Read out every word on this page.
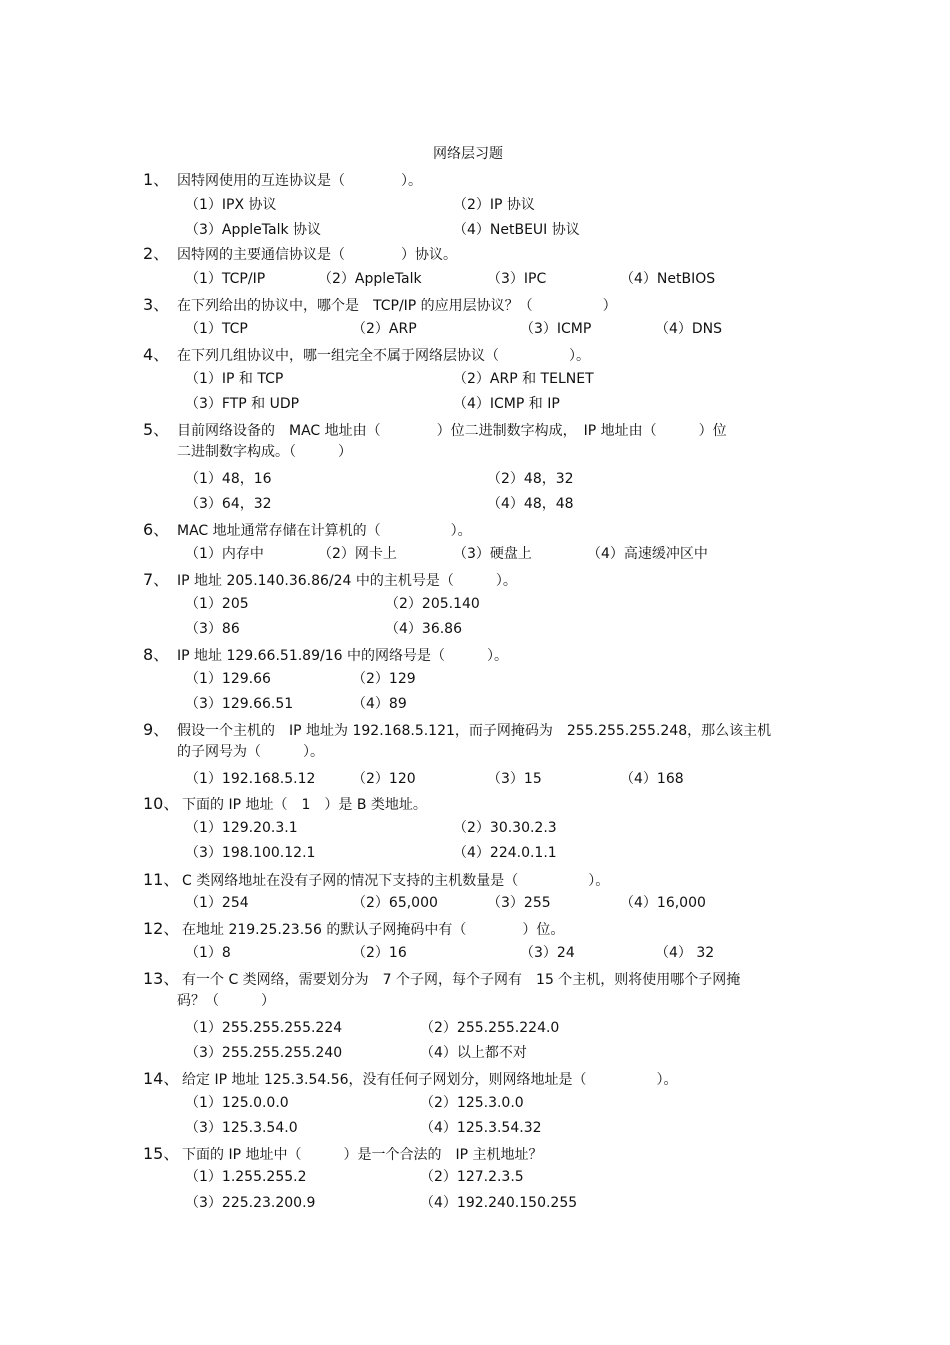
网络层习题
1、 因特网使用的互连协议是（　　　　）。
（1）IPX 协议	（2）IP 协议
（3）AppleTalk 协议	（4）NetBEUI 协议
2、 因特网的主要通信协议是（　　　　）协议。
（1）TCP/IP	（2）AppleTalk	（3）IPC	（4）NetBIOS
3、 在下列给出的协议中，哪个是　TCP/IP 的应用层协议？（　　　　　）
（1）TCP	（2）ARP	（3）ICMP	（4）DNS
4、 在下列几组协议中，哪一组完全不属于网络层协议（　　　　　）。
（1）IP 和 TCP	（2）ARP 和 TELNET
（3）FTP 和 UDP	（4）ICMP 和 IP
5、 目前网络设备的　MAC 地址由（　　　　）位二进制数字构成，　IP 地址由（　　　）位
二进制数字构成。（　　　）
（1）48，16	（2）48，32
（3）64，32	（4）48，48
6、 MAC 地址通常存储在计算机的（　　　　　）。
（1）内存中	（2）网卡上	（3）硬盘上	（4）高速缓冲区中
7、 IP 地址 205.140.36.86/24 中的主机号是（　　　）。
（1）205	（2）205.140
（3）86	（4）36.86
8、 IP 地址 129.66.51.89/16 中的网络号是（　　　）。
（1）129.66	（2）129
（3）129.66.51	（4）89
9、 假设一个主机的　IP 地址为 192.168.5.121，而子网掩码为　255.255.255.248，那么该主机
的子网号为（　　　）。
（1）192.168.5.12	（2）120	（3）15	（4）168
10、 下面的 IP 地址（　1　）是 B 类地址。
（1）129.20.3.1	（2）30.30.2.3
（3）198.100.12.1	（4）224.0.1.1
11、 C 类网络地址在没有子网的情况下支持的主机数量是（　　　　　）。
（1）254	（2）65,000	（3）255	（4）16,000
12、 在地址 219.25.23.56 的默认子网掩码中有（　　　　）位。
（1）8	（2）16	（3）24	（4） 32
13、 有一个 C 类网络，需要划分为　7 个子网，每个子网有　15 个主机，则将使用哪个子网掩
码？（　　　）
（1）255.255.255.224	（2）255.255.224.0
（3）255.255.255.240	（4）以上都不对
14、 给定 IP 地址 125.3.54.56，没有任何子网划分，则网络地址是（　　　　　）。
（1）125.0.0.0	（2）125.3.0.0
（3）125.3.54.0	（4）125.3.54.32
15、 下面的 IP 地址中（　　　）是一个合法的　IP 主机地址？
（1）1.255.255.2	（2）127.2.3.5
（3）225.23.200.9	（4）192.240.150.255
